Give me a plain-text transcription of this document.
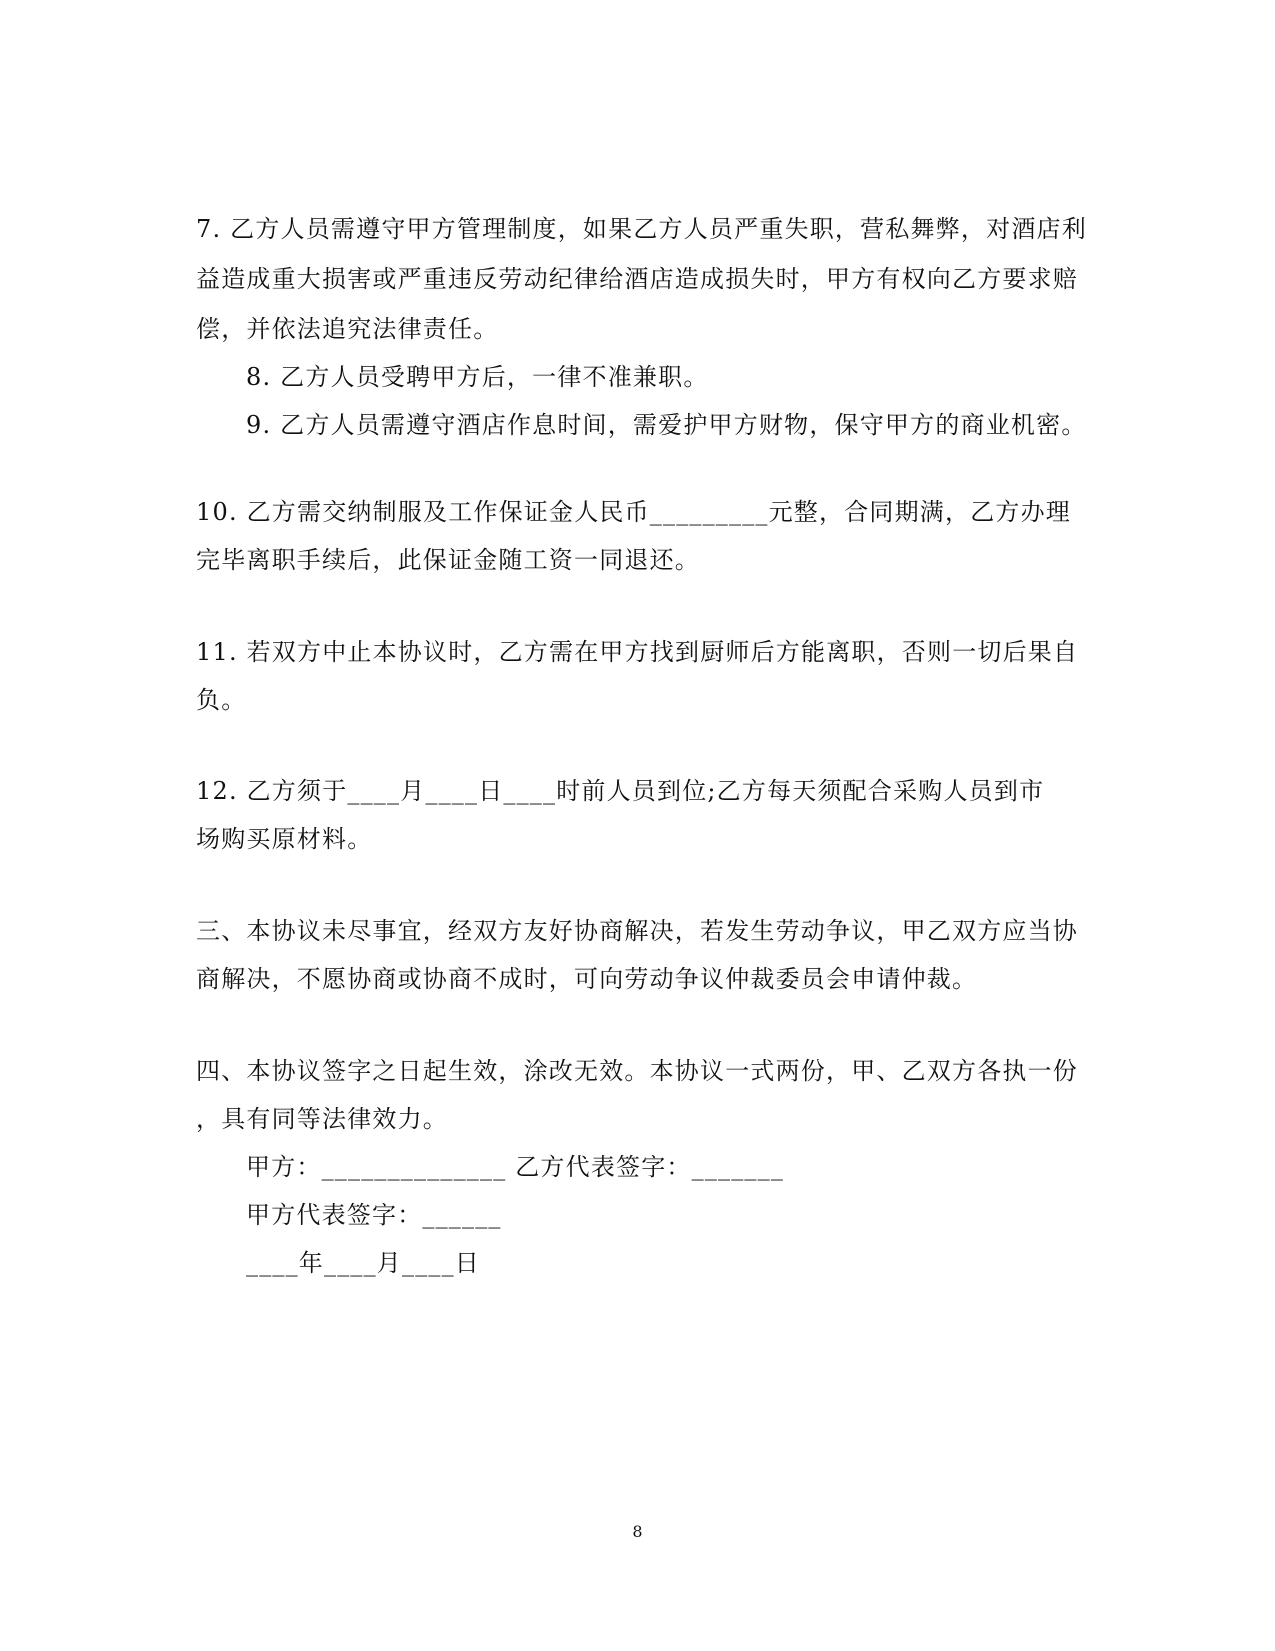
7. 乙方人员需遵守甲方管理制度，如果乙方人员严重失职，营私舞弊，对酒店利
益造成重大损害或严重违反劳动纪律给酒店造成损失时，甲方有权向乙方要求赔
偿，并依法追究法律责任。
8. 乙方人员受聘甲方后，一律不准兼职。
9. 乙方人员需遵守酒店作息时间，需爱护甲方财物，保守甲方的商业机密。
10. 乙方需交纳制服及工作保证金人民币_________元整，合同期满，乙方办理
完毕离职手续后，此保证金随工资一同退还。
11. 若双方中止本协议时，乙方需在甲方找到厨师后方能离职，否则一切后果自
负。
12. 乙方须于____月____日____时前人员到位;乙方每天须配合采购人员到市
场购买原材料。
三、本协议未尽事宜，经双方友好协商解决，若发生劳动争议，甲乙双方应当协
商解决，不愿协商或协商不成时，可向劳动争议仲裁委员会申请仲裁。
四、本协议签字之日起生效，涂改无效。本协议一式两份，甲、乙双方各执一份
，具有同等法律效力。
甲方：______________ 乙方代表签字：_______
甲方代表签字：______
____年____月____日
8
